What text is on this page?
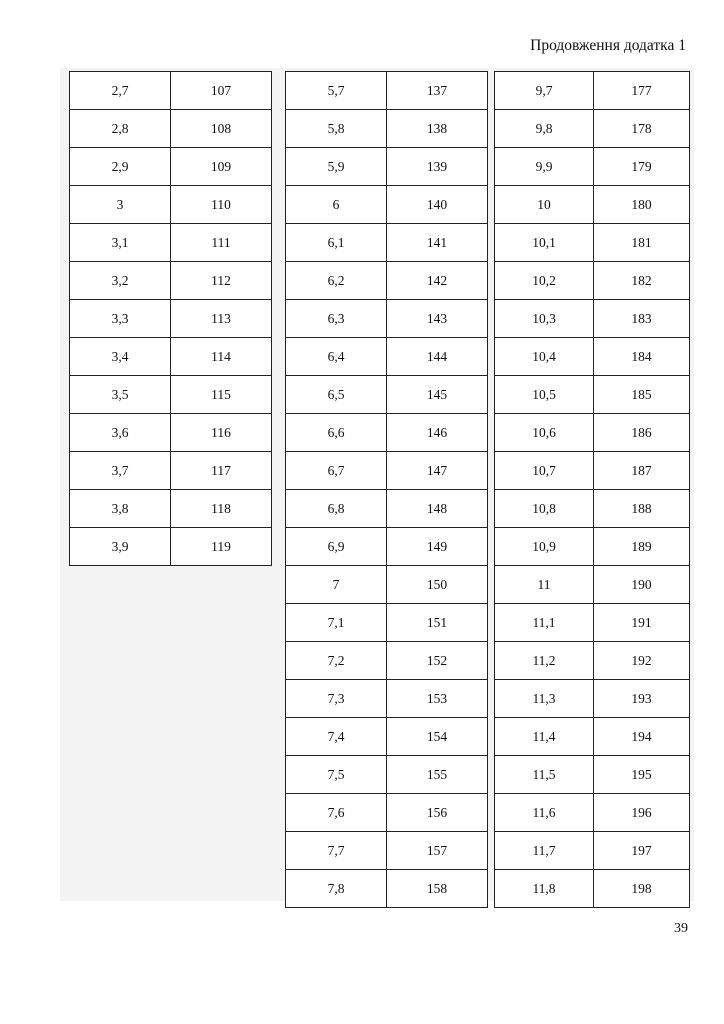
Продовження додатка 1
2,7	107
2,8	108
2,9	109
3	110
3,1	111
3,2	112
3,3	113
3,4	114
3,5	115
3,6	116
3,7	117
3,8	118
3,9	119
5,7	137
5,8	138
5,9	139
6	140
6,1	141
6,2	142
6,3	143
6,4	144
6,5	145
6,6	146
6,7	147
6,8	148
6,9	149
7	150
7,1	151
7,2	152
7,3	153
7,4	154
7,5	155
7,6	156
7,7	157
7,8	158
9,7	177
9,8	178
9,9	179
10	180
10,1	181
10,2	182
10,3	183
10,4	184
10,5	185
10,6	186
10,7	187
10,8	188
10,9	189
11	190
11,1	191
11,2	192
11,3	193
11,4	194
11,5	195
11,6	196
11,7	197
11,8	198
39
